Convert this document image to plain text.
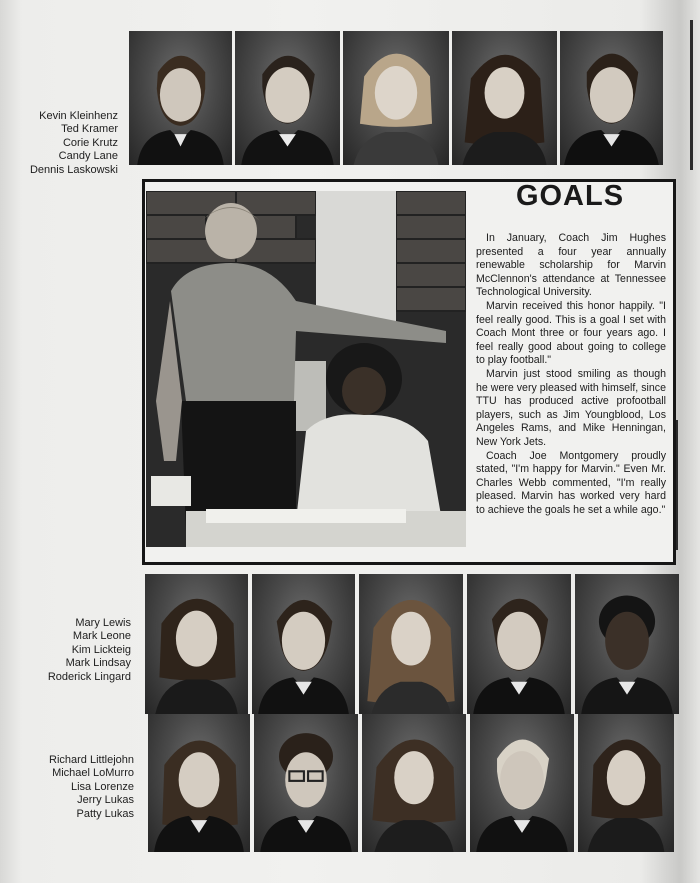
Kevin Kleinhenz
Ted Kramer
Corie Krutz
Candy Lane
Dennis Laskowski
GOALS

In January, Coach Jim Hughes presented a four year annually renewable scholarship for Marvin McClennon's attendance at Tennessee Technological University.

Marvin received this honor happily. "I feel really good. This is a goal I set with Coach Mont three or four years ago. I feel really good about going to college to play football."

Marvin just stood smiling as though he were very pleased with himself, since TTU has produced active profootball players, such as Jim Youngblood, Los Angeles Rams, and Mike Henningan, New York Jets.

Coach Joe Montgomery proudly stated, "I'm happy for Marvin." Even Mr. Charles Webb commented, "I'm really pleased. Marvin has worked very hard to achieve the goals he set a while ago."

Mary Lewis
Mark Leone
Kim Lickteig
Mark Lindsay
Roderick Lingard
Richard Littlejohn
Michael LoMurro
Lisa Lorenze
Jerry Lukas
Patty Lukas
